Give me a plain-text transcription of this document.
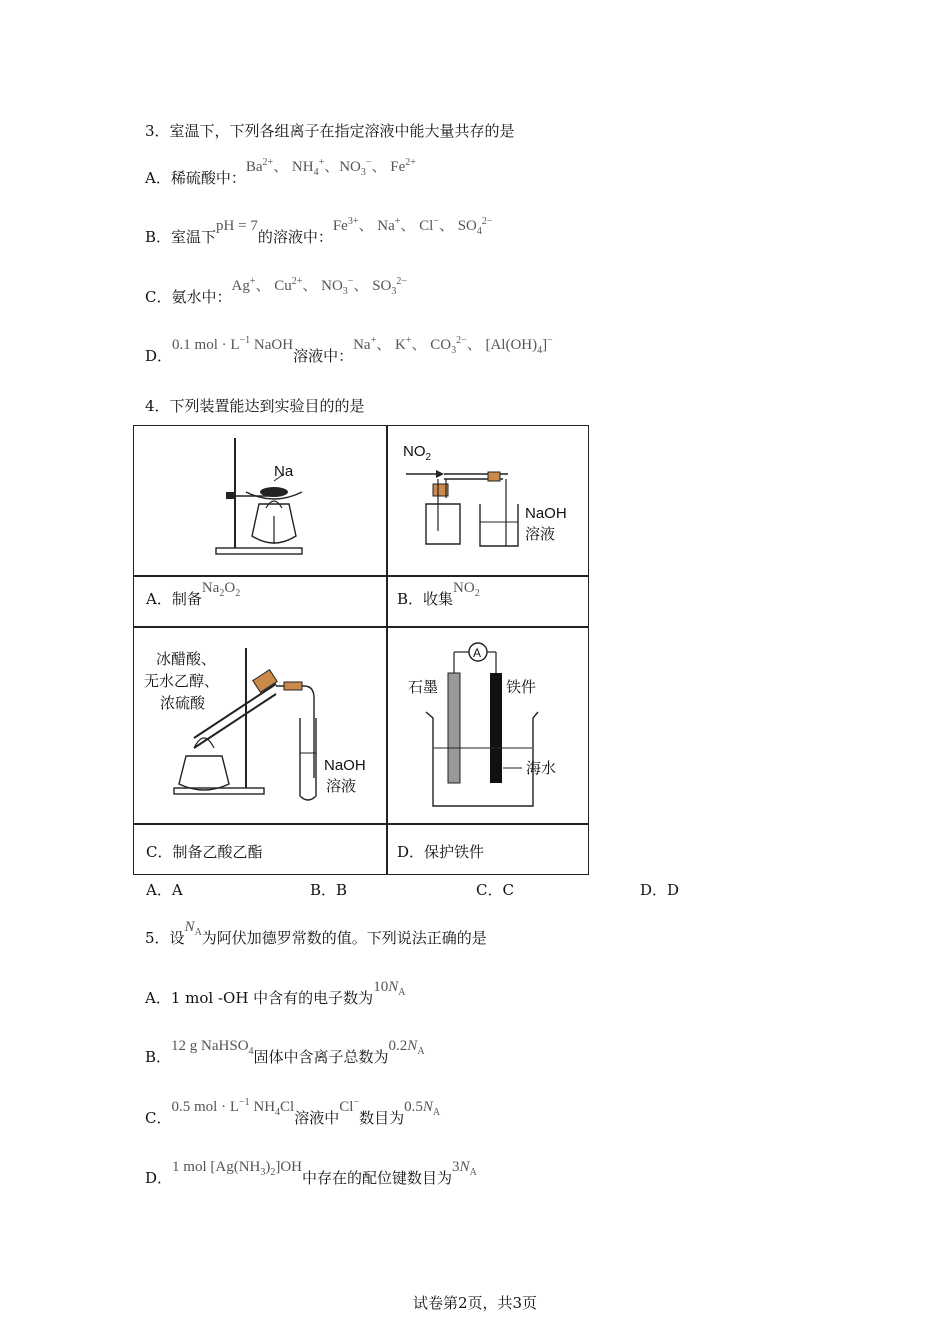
3．室温下，下列各组离子在指定溶液中能大量共存的是
A．稀硫酸中：$Ba^{2+}$、 $NH_4^+$、$NO_3^-$、 $Fe^{2+}$
B．室温下pH = 7的溶液中：$Fe^{3+}$、 Na+、 Cl−、 $SO_4^{2-}$
C．氨水中：Ag+、 $Cu^{2+}$、 $NO_3^-$、 $SO_3^{2-}$
D．0.1 mol · $L^{-1}$ NaOH溶液中：Na+、 K+、 $CO_3^{2-}$、 $[Al(OH)_4]^-$
4．下列装置能达到实验目的的是
Na
$NO_2$
NaOH
溶液
冰醋酸、
无水乙醇、
浓硫酸
NaOH
溶液
A
石墨	铁件
海水
A．制备$Na_2O_2$	B．收集$NO_2$
C．制备乙酸乙酯	D．保护铁件
A．A	B．B	C．C	D．D
5．设$N_A$为阿伏加德罗常数的值。下列说法正确的是
A．1 mol -OH 中含有的电子数为$10N_A$
B．12 g NaHSO$_4$固体中含离子总数为$0.2N_A$
C．0.5 mol · $L^{-1}$ $NH_4Cl$溶液中Cl−数目为$0.5N_A$
D．1 mol $[Ag(NH_3)_2]OH$中存在的配位键数目为$3N_A$
试卷第2页，共3页
